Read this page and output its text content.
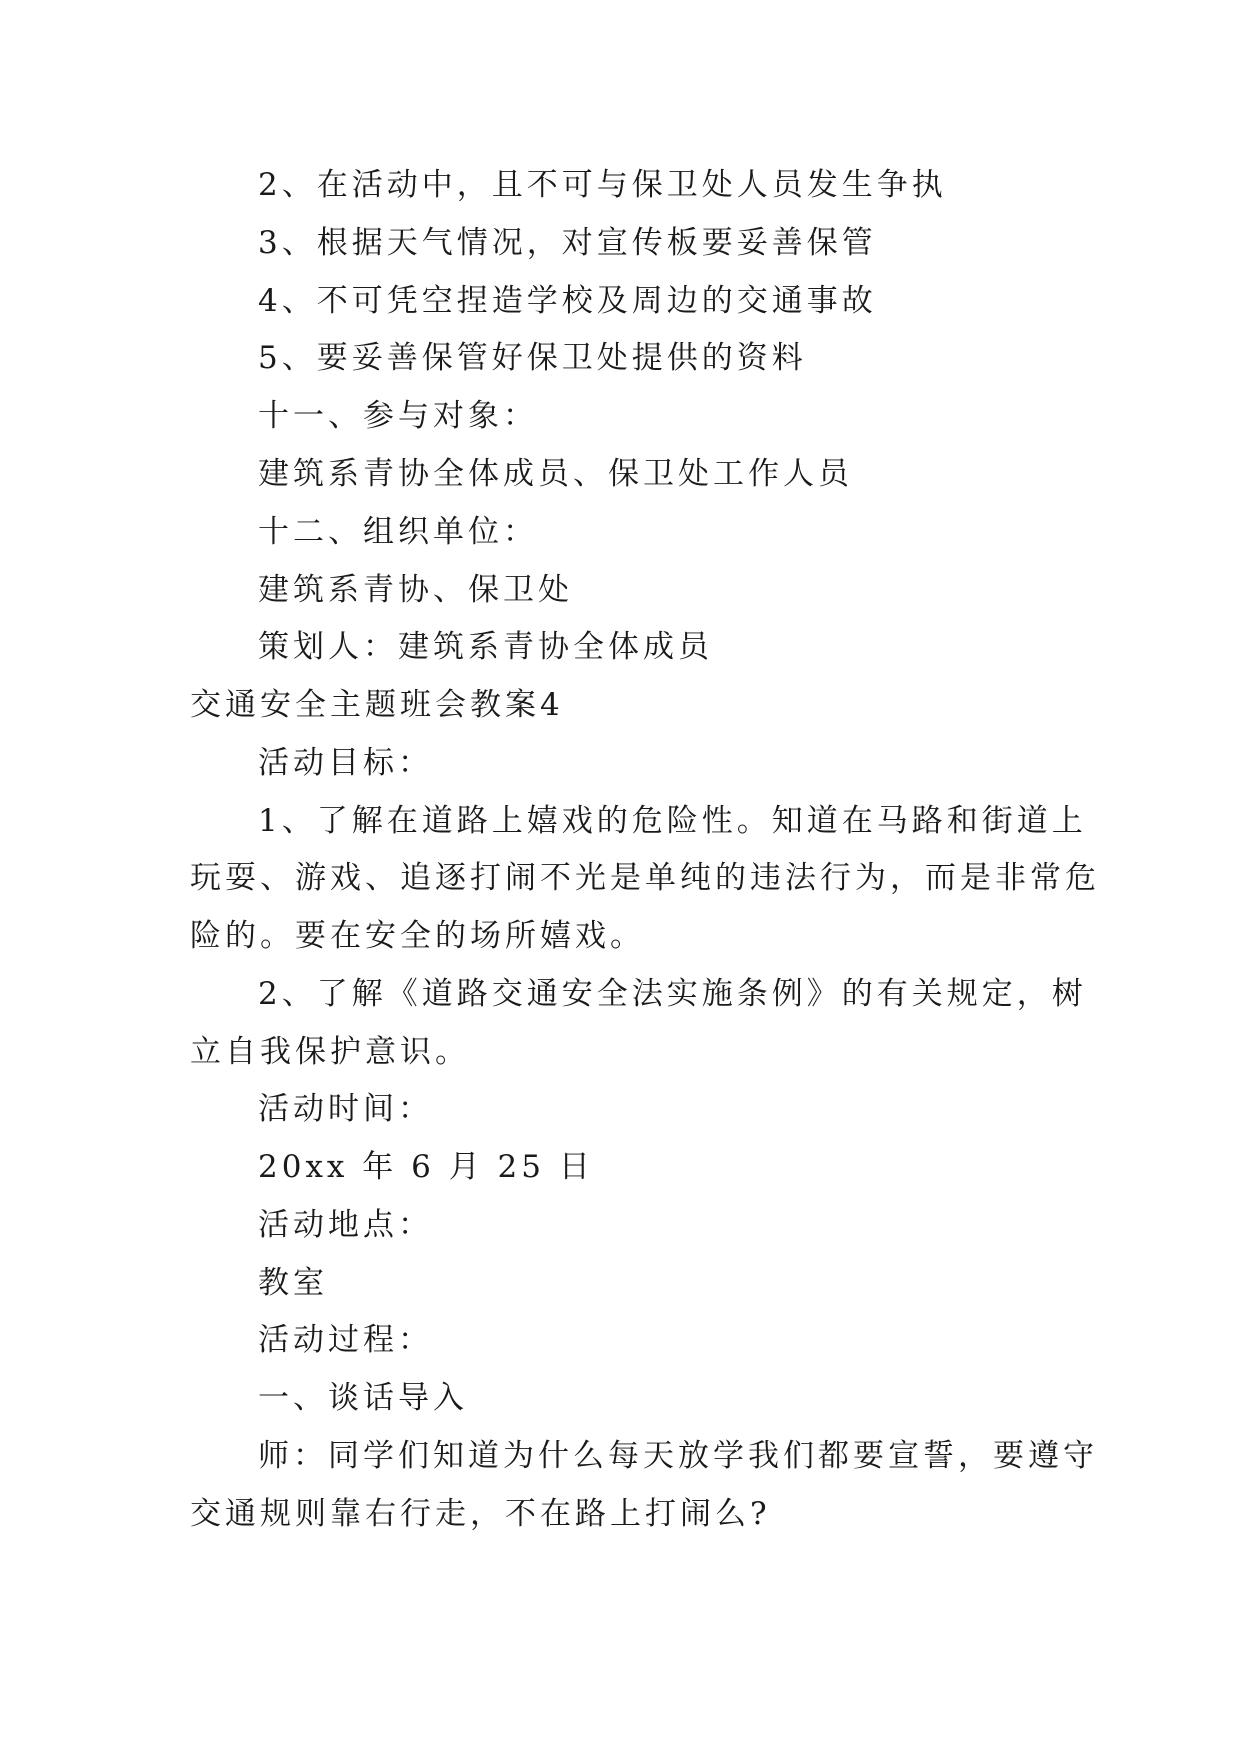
2、在活动中，且不可与保卫处人员发生争执
3、根据天气情况，对宣传板要妥善保管
4、不可凭空捏造学校及周边的交通事故
5、要妥善保管好保卫处提供的资料
十一、参与对象：
建筑系青协全体成员、保卫处工作人员
十二、组织单位：
建筑系青协、保卫处
策划人：建筑系青协全体成员
交通安全主题班会教案4
活动目标：
1、了解在道路上嬉戏的危险性。知道在马路和街道上
玩耍、游戏、追逐打闹不光是单纯的违法行为，而是非常危
险的。要在安全的场所嬉戏。
2、了解《道路交通安全法实施条例》的有关规定，树
立自我保护意识。
活动时间：
20xx 年 6 月 25 日
活动地点：
教室
活动过程：
一、谈话导入
师：同学们知道为什么每天放学我们都要宣誓，要遵守
交通规则靠右行走，不在路上打闹么?
